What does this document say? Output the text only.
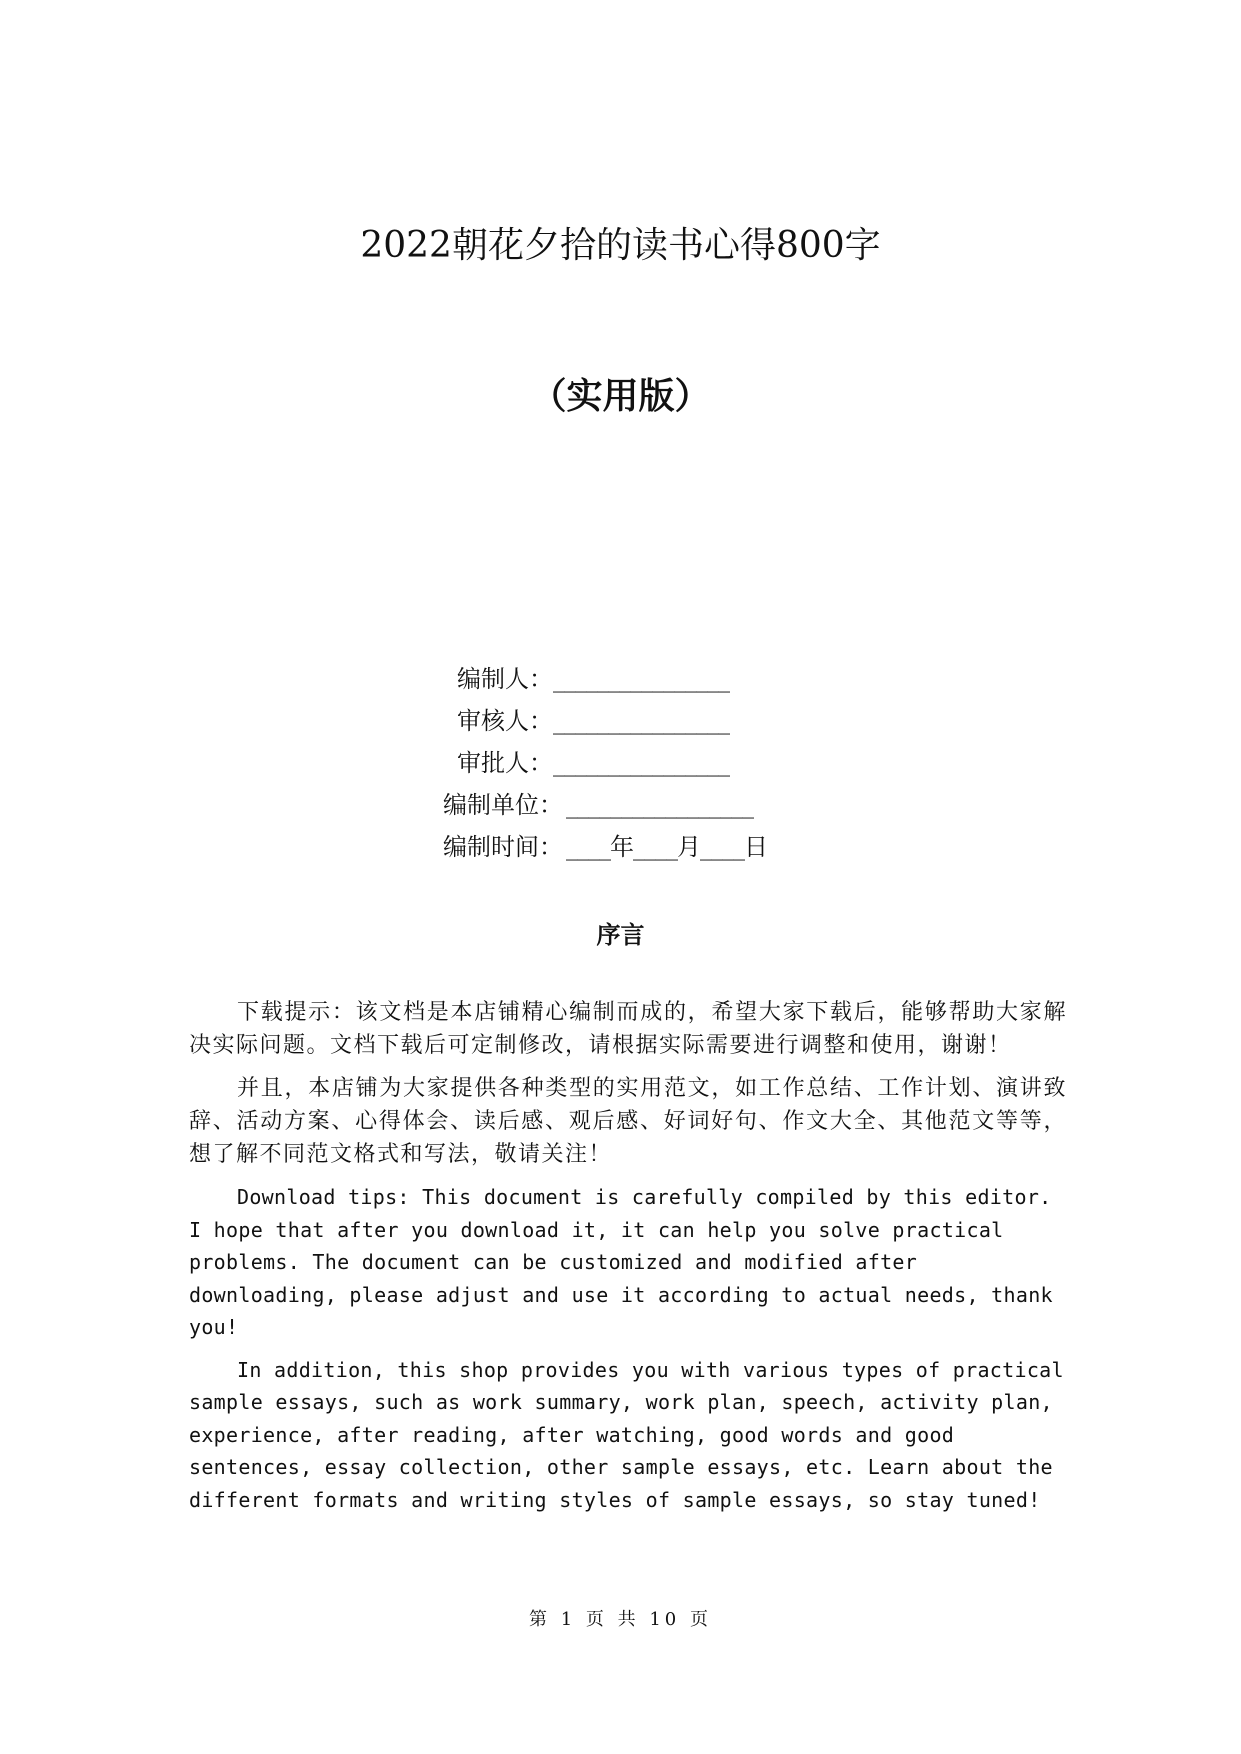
2022朝花夕拾的读书心得800字
（实用版）
编制人： ________________
审核人： ________________
审批人： ________________
编制单位： _________________
编制时间： ____年____月____日
序言

下载提示：该文档是本店铺精心编制而成的，希望大家下载后，能够帮助大家解决实际问题。文档下载后可定制修改，请根据实际需要进行调整和使用，谢谢！

并且，本店铺为大家提供各种类型的实用范文，如工作总结、工作计划、演讲致辞、活动方案、心得体会、读后感、观后感、好词好句、作文大全、其他范文等等，想了解不同范文格式和写法，敬请关注！

Download tips: This document is carefully compiled by this editor. I hope that after you download it, it can help you solve practical problems. The document can be customized and modified after downloading, please adjust and use it according to actual needs, thank you!

In addition, this shop provides you with various types of practical sample essays, such as work summary, work plan, speech, activity plan, experience, after reading, after watching, good words and good sentences, essay collection, other sample essays, etc. Learn about the different formats and writing styles of sample essays, so stay tuned!

第 1 页 共 10 页
